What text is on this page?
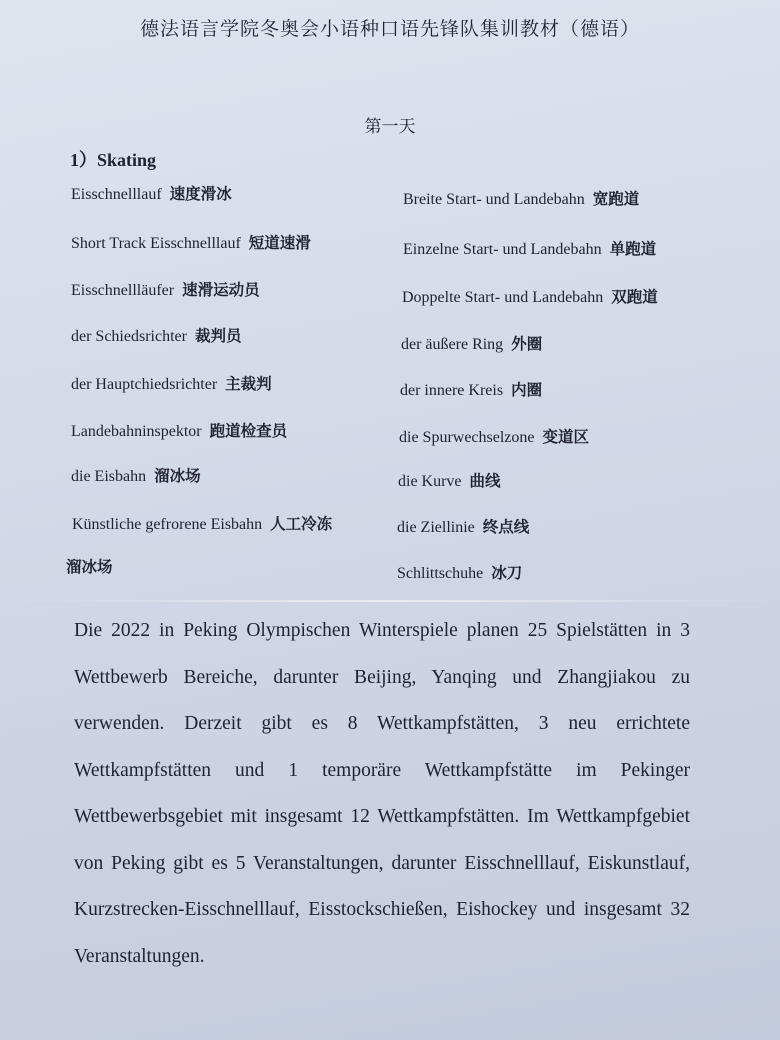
德法语言学院冬奥会小语种口语先锋队集训教材（德语）
第一天
1）Skating
Eisschnelllauf 速度滑冰
Short Track Eisschnelllauf 短道速滑
Eisschnellläufer 速滑运动员
der Schiedsrichter 裁判员
der Hauptchiedsrichter 主裁判
Landebahninspektor 跑道检查员
die Eisbahn 溜冰场
Künstliche gefrorene Eisbahn 人工冷冻
溜冰场
Breite Start- und Landebahn 宽跑道
Einzelne Start- und Landebahn 单跑道
Doppelte Start- und Landebahn 双跑道
der äußere Ring 外圈
der innere Kreis 内圈
die Spurwechselzone 变道区
die Kurve 曲线
die Ziellinie 终点线
Schlittschuhe 冰刀

Die 2022 in Peking Olympischen Winterspiele planen 25 Spielstätten in 3 Wettbewerb Bereiche, darunter Beijing, Yanqing und Zhangjiakou zu verwenden. Derzeit gibt es 8 Wettkampfstätten, 3 neu errichtete Wettkampfstätten und 1 temporäre Wettkampfstätte im Pekinger Wettbewerbsgebiet mit insgesamt 12 Wettkampfstätten. Im Wettkampfgebiet von Peking gibt es 5 Veranstaltungen, darunter Eisschnelllauf, Eiskunstlauf, Kurzstrecken-Eisschnelllauf, Eisstockschießen, Eishockey und insgesamt 32 Veranstaltungen.
